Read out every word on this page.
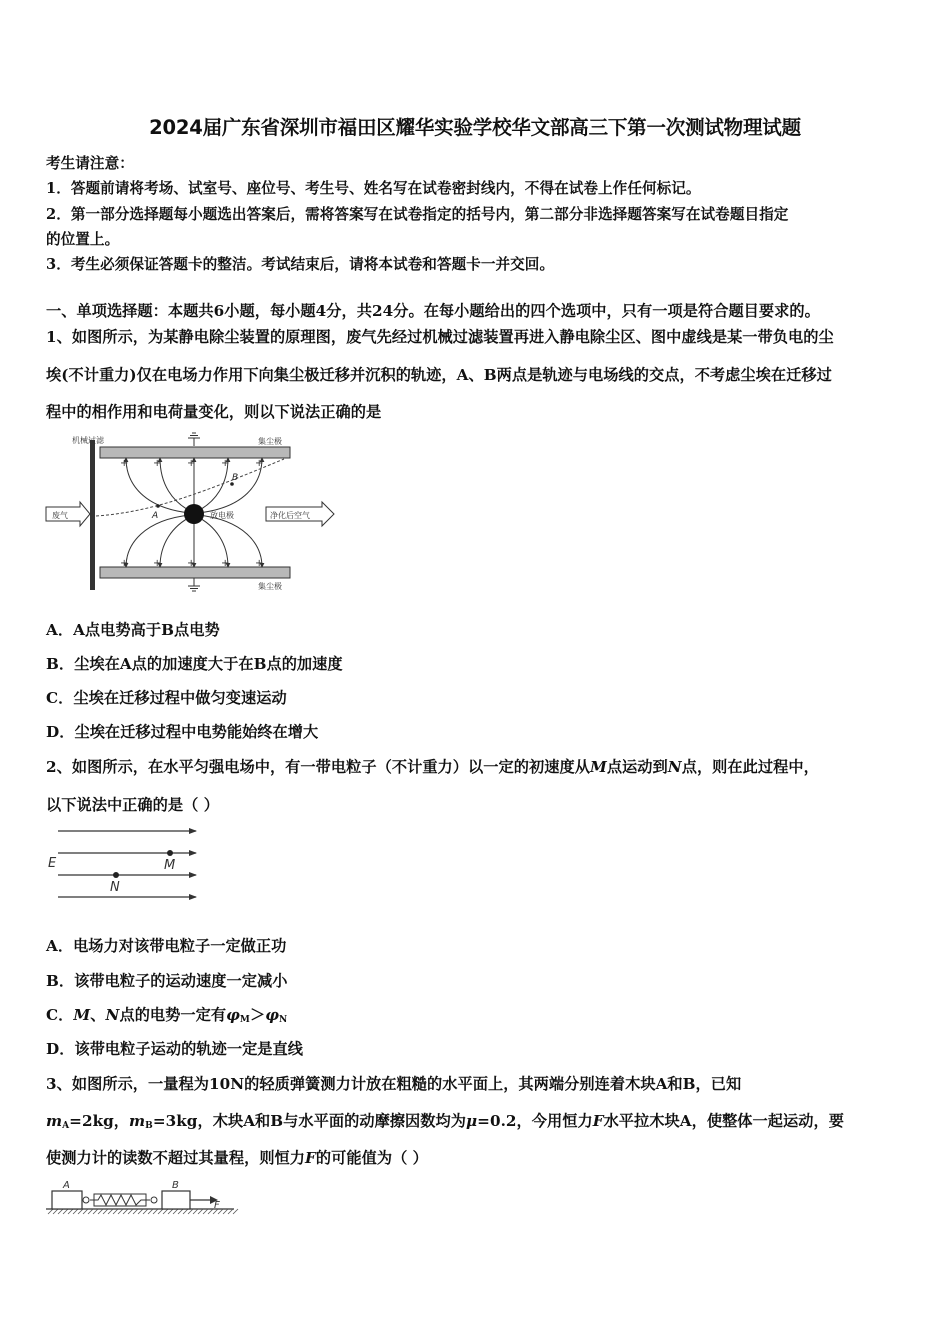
2024届广东省深圳市福田区耀华实验学校华文部高三下第一次测试物理试题
考生请注意：
1．答题前请将考场、试室号、座位号、考生号、姓名写在试卷密封线内，不得在试卷上作任何标记。
2．第一部分选择题每小题选出答案后，需将答案写在试卷指定的括号内，第二部分非选择题答案写在试卷题目指定
的位置上。
3．考生必须保证答题卡的整洁。考试结束后，请将本试卷和答题卡一并交回。
一、单项选择题：本题共6小题，每小题4分，共24分。在每小题给出的四个选项中，只有一项是符合题目要求的。
1、如图所示，为某静电除尘装置的原理图，废气先经过机械过滤装置再进入静电除尘区、图中虚线是某一带负电的尘
埃(不计重力)仅在电场力作用下向集尘极迁移并沉积的轨迹，A、B两点是轨迹与电场线的交点，不考虑尘埃在迁移过
程中的相作用和电荷量变化，则以下说法正确的是
机械过滤	集尘极
集尘极
+ +	+	+	+
+ +	+	+	+
A
B
放电极
废气	净化后空气
A．A点电势高于B点电势
B．尘埃在A点的加速度大于在B点的加速度
C．尘埃在迁移过程中做匀变速运动
D．尘埃在迁移过程中电势能始终在增大
2、如图所示，在水平匀强电场中，有一带电粒子（不计重力）以一定的初速度从M点运动到N点，则在此过程中，
以下说法中正确的是（ ）
E	M
N
A．电场力对该带电粒子一定做正功
B．该带电粒子的运动速度一定减小
C．M、N点的电势一定有$\varphi_M>\varphi_N$
D．该带电粒子运动的轨迹一定是直线
3、如图所示，一量程为10N的轻质弹簧测力计放在粗糙的水平面上，其两端分别连着木块A和B，已知
$m_A=2kg$，$m_B=3kg$，木块A和B与水平面的动摩擦因数均为μ=0.2，今用恒力F水平拉木块A，使整体一起运动，要
使测力计的读数不超过其量程，则恒力F的可能值为（ ）
A	B
F
